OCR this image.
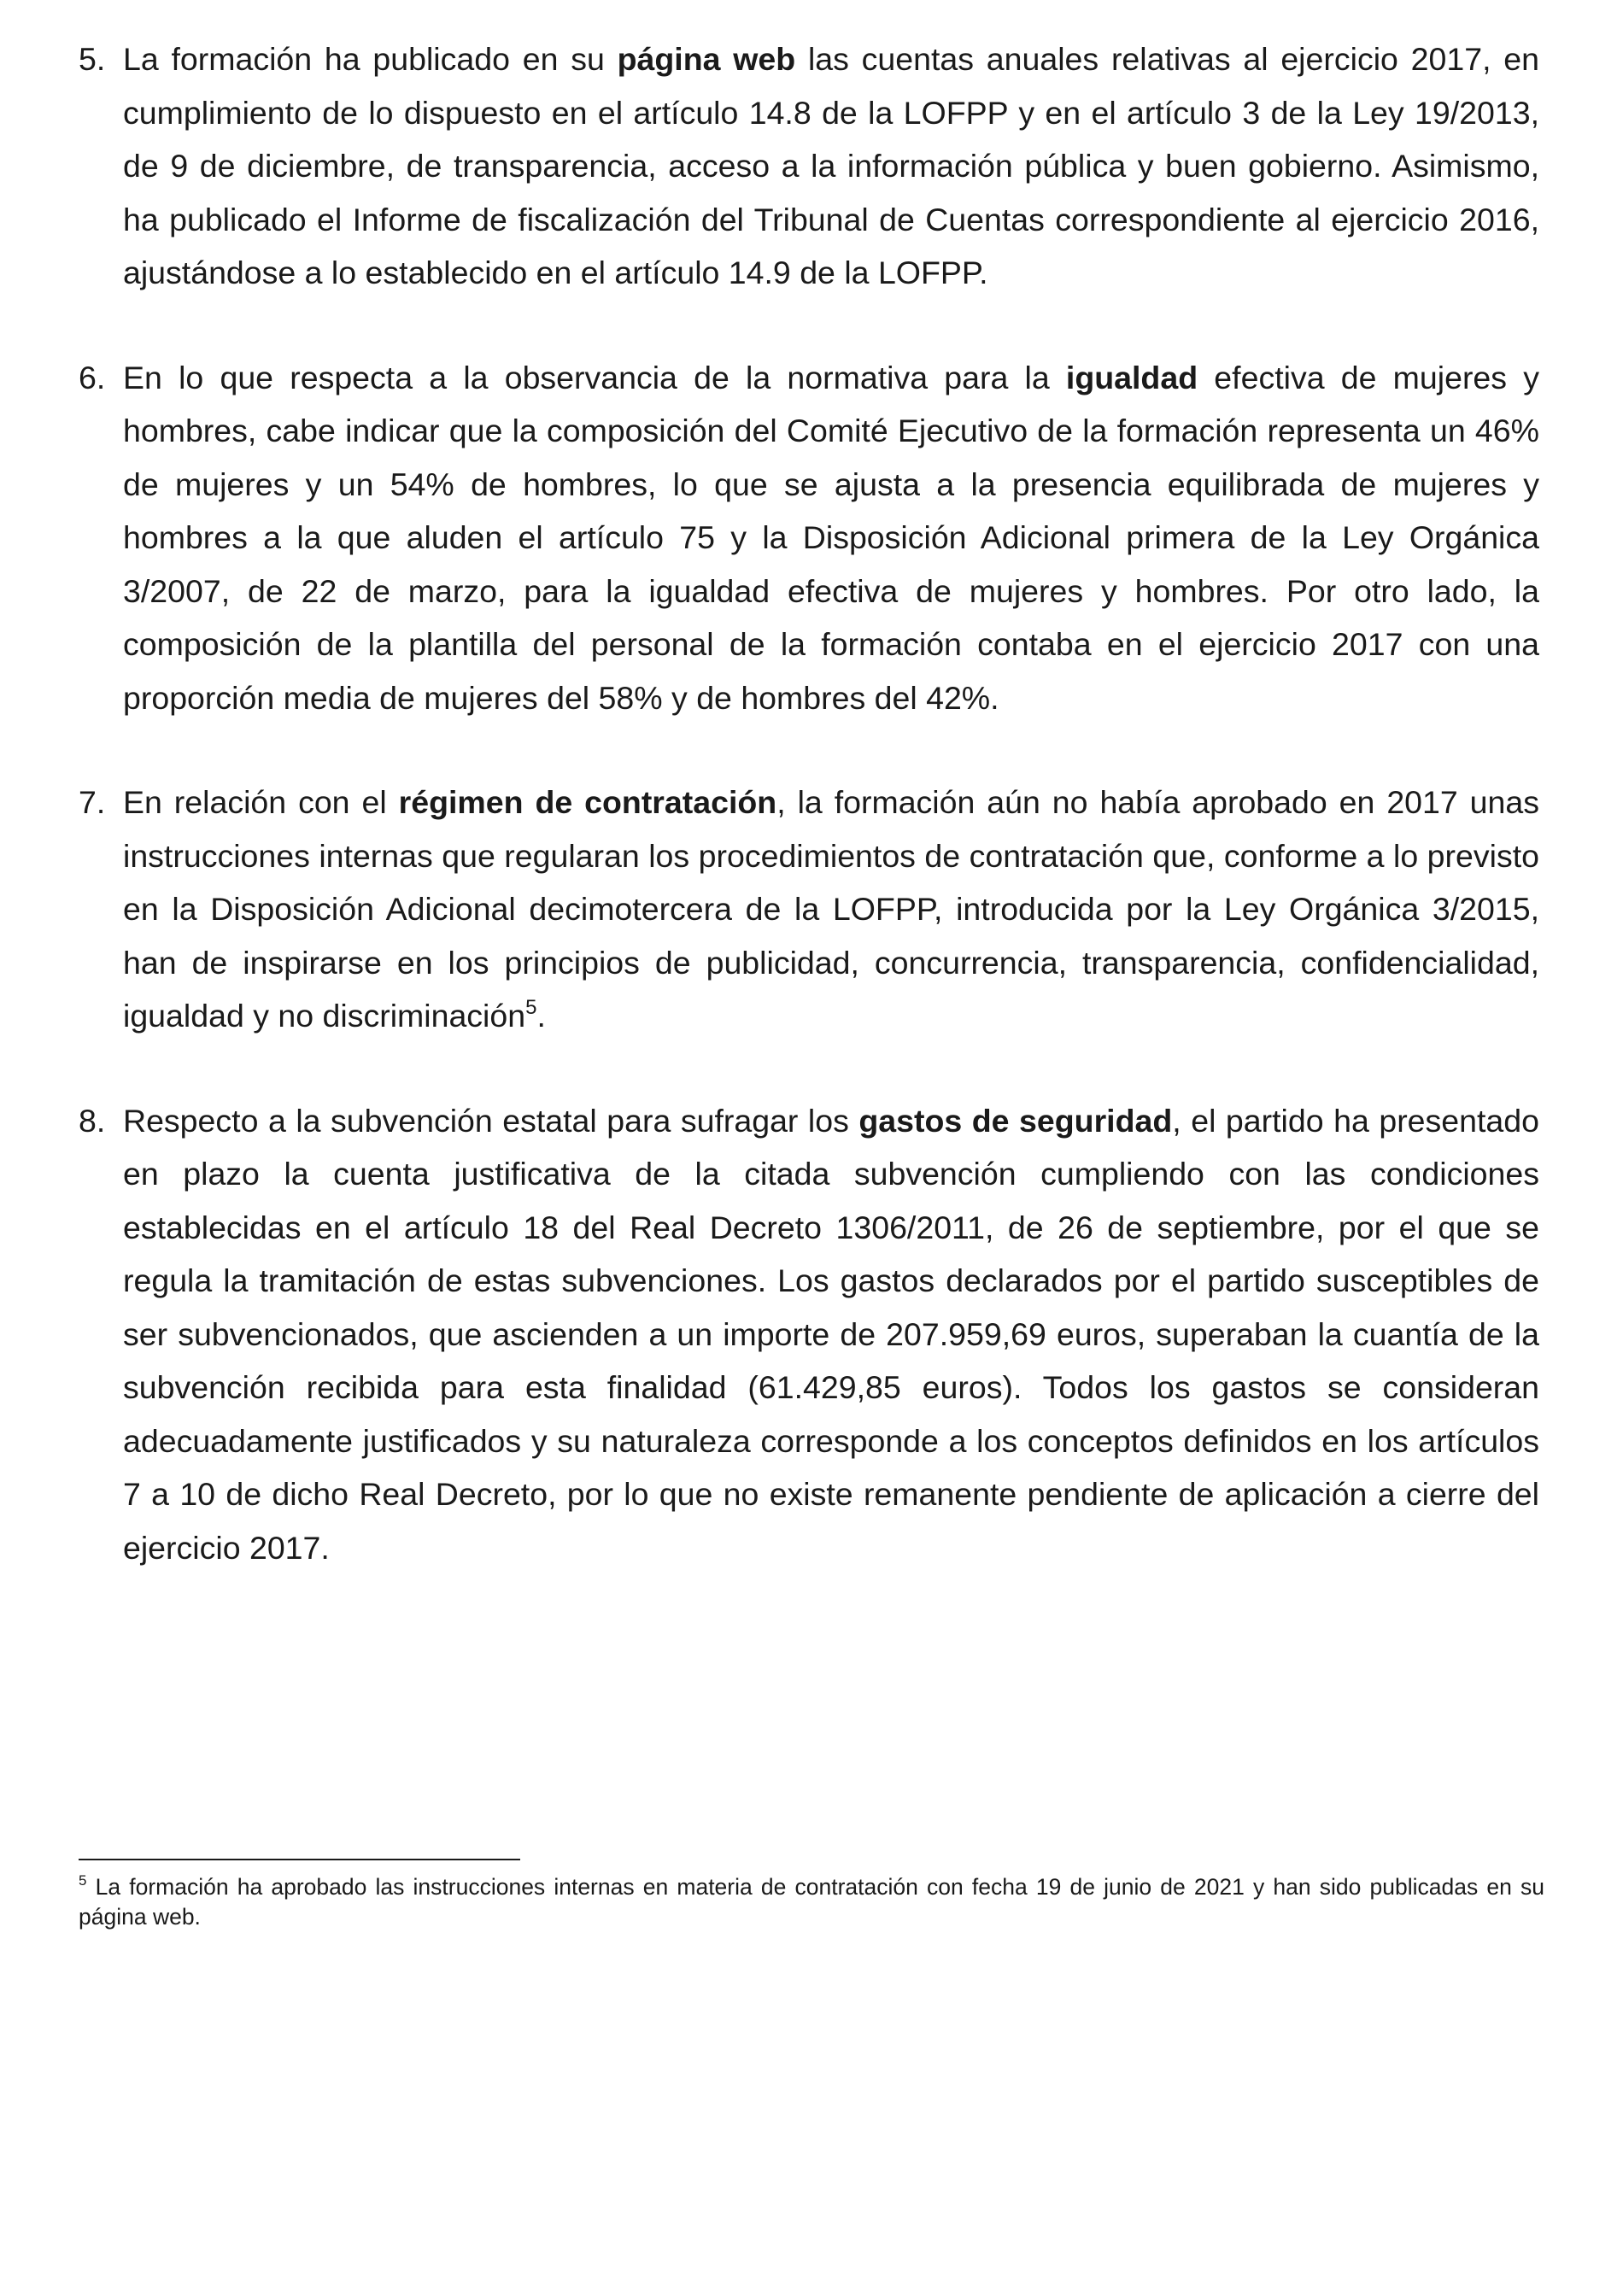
5. La formación ha publicado en su página web las cuentas anuales relativas al ejercicio 2017, en cumplimiento de lo dispuesto en el artículo 14.8 de la LOFPP y en el artículo 3 de la Ley 19/2013, de 9 de diciembre, de transparencia, acceso a la información pública y buen gobierno. Asimismo, ha publicado el Informe de fiscalización del Tribunal de Cuentas correspondiente al ejercicio 2016, ajustándose a lo establecido en el artículo 14.9 de la LOFPP.

6. En lo que respecta a la observancia de la normativa para la igualdad efectiva de mujeres y hombres, cabe indicar que la composición del Comité Ejecutivo de la formación representa un 46% de mujeres y un 54% de hombres, lo que se ajusta a la presencia equilibrada de mujeres y hombres a la que aluden el artículo 75 y la Disposición Adicional primera de la Ley Orgánica 3/2007, de 22 de marzo, para la igualdad efectiva de mujeres y hombres. Por otro lado, la composición de la plantilla del personal de la formación contaba en el ejercicio 2017 con una proporción media de mujeres del 58% y de hombres del 42%.

7. En relación con el régimen de contratación, la formación aún no había aprobado en 2017 unas instrucciones internas que regularan los procedimientos de contratación que, conforme a lo previsto en la Disposición Adicional decimotercera de la LOFPP, introducida por la Ley Orgánica 3/2015, han de inspirarse en los principios de publicidad, concurrencia, transparencia, confidencialidad, igualdad y no discriminación$^5$.

8. Respecto a la subvención estatal para sufragar los gastos de seguridad, el partido ha presentado en plazo la cuenta justificativa de la citada subvención cumpliendo con las condiciones establecidas en el artículo 18 del Real Decreto 1306/2011, de 26 de septiembre, por el que se regula la tramitación de estas subvenciones. Los gastos declarados por el partido susceptibles de ser subvencionados, que ascienden a un importe de 207.959,69 euros, superaban la cuantía de la subvención recibida para esta finalidad (61.429,85 euros). Todos los gastos se consideran adecuadamente justificados y su naturaleza corresponde a los conceptos definidos en los artículos 7 a 10 de dicho Real Decreto, por lo que no existe remanente pendiente de aplicación a cierre del ejercicio 2017.

$^5$ La formación ha aprobado las instrucciones internas en materia de contratación con fecha 19 de junio de 2021 y han sido publicadas en su página web.
